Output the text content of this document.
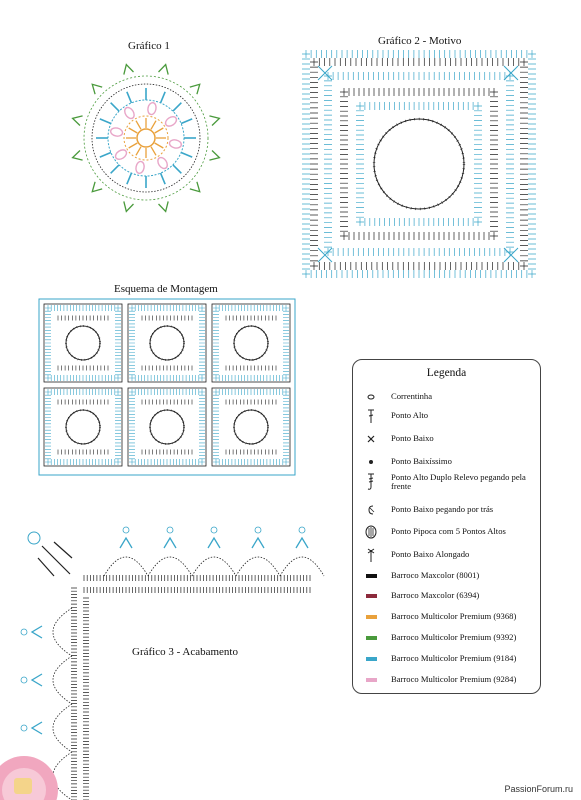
Gráfico 1	Gráfico 2 - Motivo
Esquema de Montagem
Gráfico 3 - Acabamento
Legenda
Correntinha
Ponto Alto
Ponto Baixo
Ponto Baixíssimo
Ponto Alto Duplo Relevo pegando pela frente
Ponto Baixo pegando por trás
Ponto Pipoca com 5 Pontos Altos
Ponto Baixo Alongado
Barroco Maxcolor (8001)
Barroco Maxcolor (6394)
Barroco Multicolor Premium (9368)
Barroco Multicolor Premium (9392)
Barroco Multicolor Premium (9184)
Barroco Multicolor Premium (9284)
PassionForum.ru
